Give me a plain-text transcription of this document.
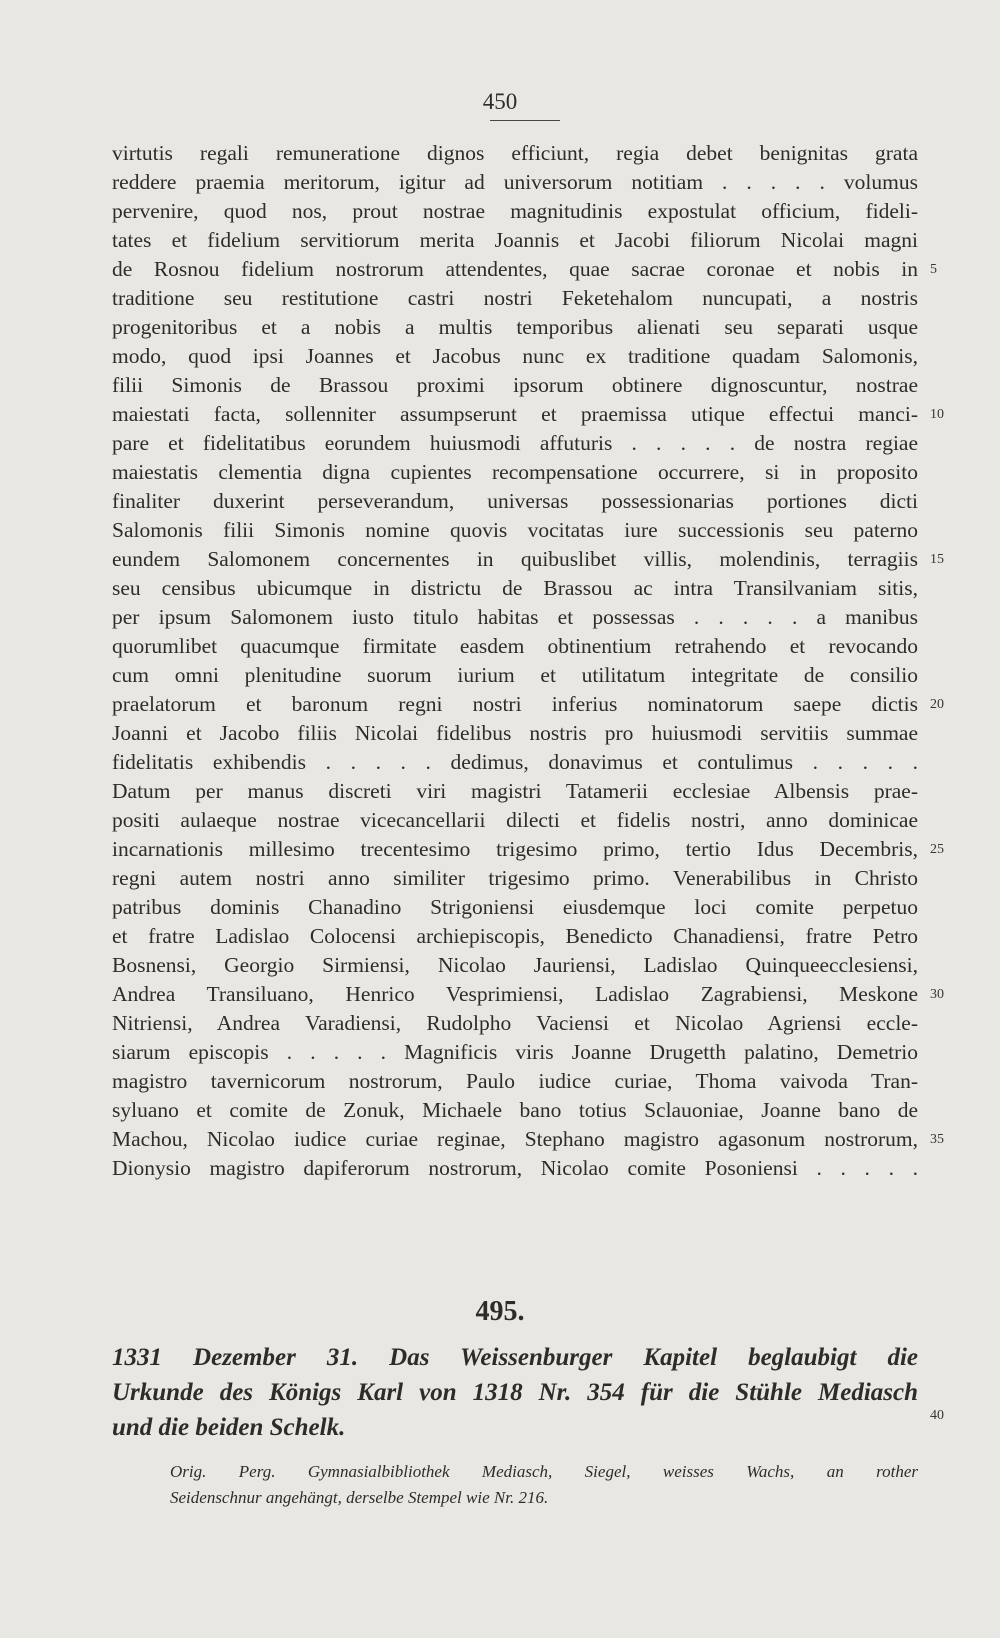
450
virtutis regali remuneratione dignos efficiunt, regia debet benignitas grata
reddere praemia meritorum, igitur ad universorum notitiam . . . . . volumus
pervenire, quod nos, prout nostrae magnitudinis expostulat officium, fideli-
tates et fidelium servitiorum merita Joannis et Jacobi filiorum Nicolai magni
de Rosnou fidelium nostrorum attendentes, quae sacrae coronae et nobis in
traditione seu restitutione castri nostri Feketehalom nuncupati, a nostris
progenitoribus et a nobis a multis temporibus alienati seu separati usque
modo, quod ipsi Joannes et Jacobus nunc ex traditione quadam Salomonis,
filii Simonis de Brassou proximi ipsorum obtinere dignoscuntur, nostrae
maiestati facta, sollenniter assumpserunt et praemissa utique effectui manci-
pare et fidelitatibus eorundem huiusmodi affuturis . . . . . de nostra regiae
maiestatis clementia digna cupientes recompensatione occurrere, si in proposito
finaliter duxerint perseverandum, universas possessionarias portiones dicti
Salomonis filii Simonis nomine quovis vocitatas iure successionis seu paterno
eundem Salomonem concernentes in quibuslibet villis, molendinis, terragiis
seu censibus ubicumque in districtu de Brassou ac intra Transilvaniam sitis,
per ipsum Salomonem iusto titulo habitas et possessas . . . . . a manibus
quorumlibet quacumque firmitate easdem obtinentium retrahendo et revocando
cum omni plenitudine suorum iurium et utilitatum integritate de consilio
praelatorum et baronum regni nostri inferius nominatorum saepe dictis
Joanni et Jacobo filiis Nicolai fidelibus nostris pro huiusmodi servitiis summae
fidelitatis exhibendis . . . . . dedimus, donavimus et contulimus . . . . .
Datum per manus discreti viri magistri Tatamerii ecclesiae Albensis prae-
positi aulaeque nostrae vicecancellarii dilecti et fidelis nostri, anno dominicae
incarnationis millesimo trecentesimo trigesimo primo, tertio Idus Decembris,
regni autem nostri anno similiter trigesimo primo. Venerabilibus in Christo
patribus dominis Chanadino Strigoniensi eiusdemque loci comite perpetuo
et fratre Ladislao Colocensi archiepiscopis, Benedicto Chanadiensi, fratre Petro
Bosnensi, Georgio Sirmiensi, Nicolao Jauriensi, Ladislao Quinqueecclesiensi,
Andrea Transiluano, Henrico Vesprimiensi, Ladislao Zagrabiensi, Meskone
Nitriensi, Andrea Varadiensi, Rudolpho Vaciensi et Nicolao Agriensi eccle-
siarum episcopis . . . . . Magnificis viris Joanne Drugetth palatino, Demetrio
magistro tavernicorum nostrorum, Paulo iudice curiae, Thoma vaivoda Tran-
syluano et comite de Zonuk, Michaele bano totius Sclauoniae, Joanne bano de
Machou, Nicolao iudice curiae reginae, Stephano magistro agasonum nostrorum,
Dionysio magistro dapiferorum nostrorum, Nicolao comite Posoniensi . . . . .
5
10
15
20
25
30
35
40
495.
1331 Dezember 31. Das Weissenburger Kapitel beglaubigt die
Urkunde des Königs Karl von 1318 Nr. 354 für die Stühle Mediasch
und die beiden Schelk.
Orig. Perg. Gymnasialbibliothek Mediasch, Siegel, weisses Wachs, an rother
Seidenschnur angehängt, derselbe Stempel wie Nr. 216.
